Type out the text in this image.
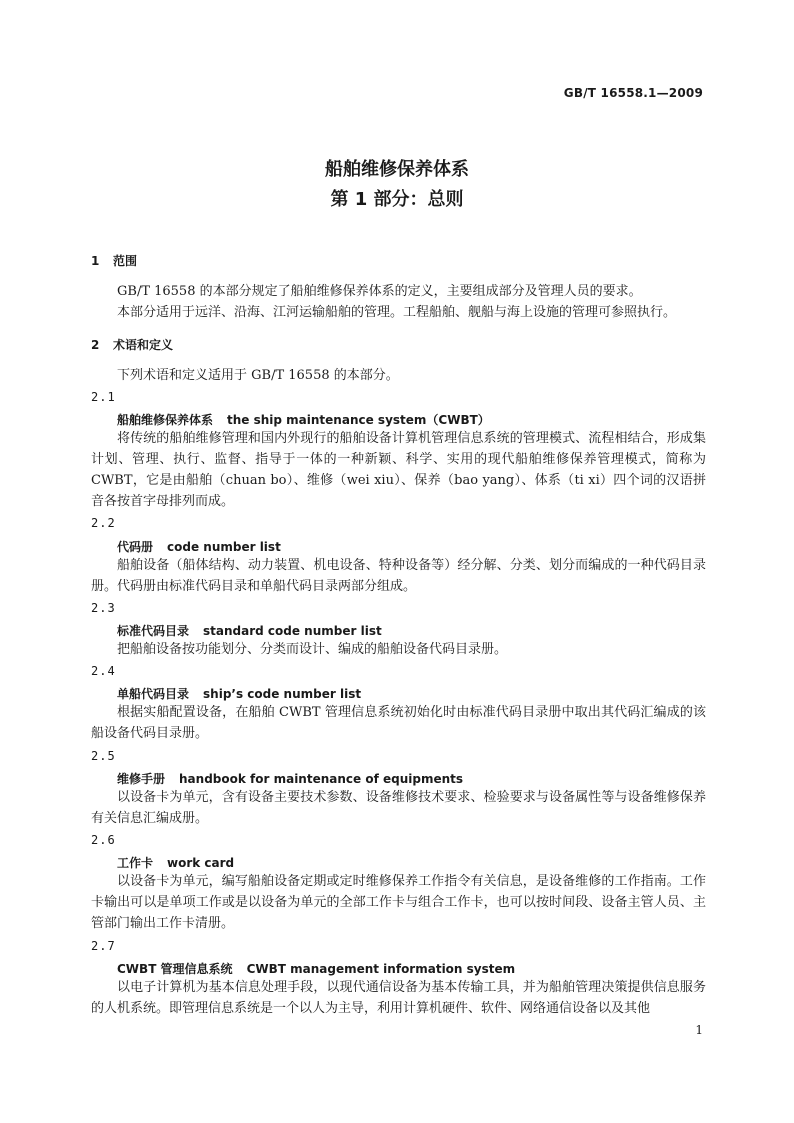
GB/T 16558.1—2009
船舶维修保养体系
第 1 部分：总则
1 范围
GB/T 16558 的本部分规定了船舶维修保养体系的定义，主要组成部分及管理人员的要求。
本部分适用于远洋、沿海、江河运输船舶的管理。工程船舶、舰船与海上设施的管理可参照执行。
2 术语和定义
下列术语和定义适用于 GB/T 16558 的本部分。
2.1
船舶维修保养体系 the ship maintenance system（CWBT）
将传统的船舶维修管理和国内外现行的船舶设备计算机管理信息系统的管理模式、流程相结合，形成集计划、管理、执行、监督、指导于一体的一种新颖、科学、实用的现代船舶维修保养管理模式，简称为 CWBT，它是由船舶（chuan bo）、维修（wei xiu）、保养（bao yang）、体系（ti xi）四个词的汉语拼音各按首字母排列而成。
2.2
代码册 code number list
船舶设备（船体结构、动力装置、机电设备、特种设备等）经分解、分类、划分而编成的一种代码目录册。代码册由标准代码目录和单船代码目录两部分组成。
2.3
标准代码目录 standard code number list
把船舶设备按功能划分、分类而设计、编成的船舶设备代码目录册。
2.4
单船代码目录 ship’s code number list
根据实船配置设备，在船舶 CWBT 管理信息系统初始化时由标准代码目录册中取出其代码汇编成的该船设备代码目录册。
2.5
维修手册 handbook for maintenance of equipments
以设备卡为单元，含有设备主要技术参数、设备维修技术要求、检验要求与设备属性等与设备维修保养有关信息汇编成册。
2.6
工作卡 work card
以设备卡为单元，编写船舶设备定期或定时维修保养工作指令有关信息，是设备维修的工作指南。工作卡输出可以是单项工作或是以设备为单元的全部工作卡与组合工作卡，也可以按时间段、设备主管人员、主管部门输出工作卡清册。
2.7
CWBT 管理信息系统 CWBT management information system
以电子计算机为基本信息处理手段，以现代通信设备为基本传输工具，并为船舶管理决策提供信息服务的人机系统。即管理信息系统是一个以人为主导，利用计算机硬件、软件、网络通信设备以及其他
1
